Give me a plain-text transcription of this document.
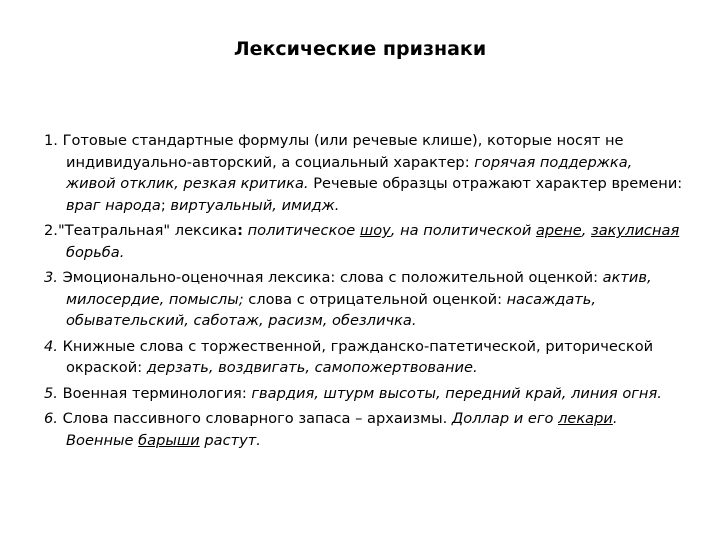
Лексические признаки
1. Готовые стандартные формулы (или речевые клише), которые носят не индивидуально-авторский, а социальный характер: горячая поддержка, живой отклик, резкая критика. Речевые образцы отражают характер времени: враг народа; виртуальный, имидж.
2."Театральная" лексика: политическое шоу, на политической арене, закулисная борьба.
3. Эмоционально-оценочная лексика: слова с положительной оценкой: актив, милосердие, помыслы; слова с отрицательной оценкой: насаждать, обывательский, саботаж, расизм, обезличка.
4. Книжные слова с торжественной, гражданско-патетической, риторической окраской: дерзать, воздвигать, самопожертвование.
5. Военная терминология: гвардия, штурм высоты, передний край, линия огня.
6. Слова пассивного словарного запаса – архаизмы. Доллар и его лекари. Военные барыши растут.
